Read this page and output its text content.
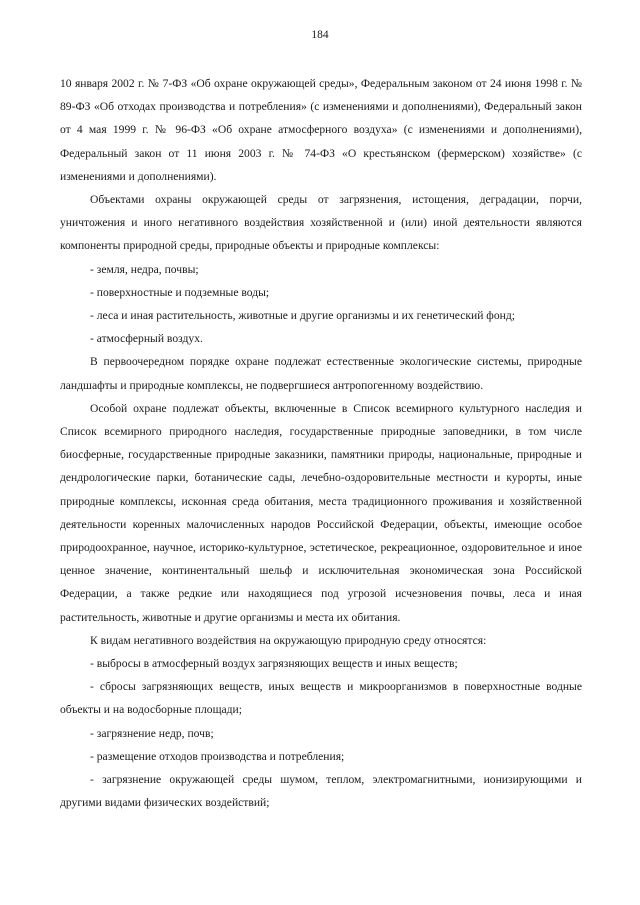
184

10 января 2002 г. № 7-ФЗ «Об охране окружающей среды», Федеральным законом от 24 июня 1998 г. № 89-ФЗ «Об отходах производства и потребления» (с изменениями и дополнениями), Федеральный закон от 4 мая 1999 г. № 96-ФЗ «Об охране атмосферного воздуха» (с изменениями и дополнениями), Федеральный закон от 11 июня 2003 г. № 74-ФЗ «О крестьянском (фермерском) хозяйстве» (с изменениями и дополнениями).

Объектами охраны окружающей среды от загрязнения, истощения, деградации, порчи, уничтожения и иного негативного воздействия хозяйственной и (или) иной деятельности являются компоненты природной среды, природные объекты и природные комплексы:

- земля, недра, почвы;

- поверхностные и подземные воды;

- леса и иная растительность, животные и другие организмы и их генетический фонд;

- атмосферный воздух.

В первоочередном порядке охране подлежат естественные экологические системы, природные ландшафты и природные комплексы, не подвергшиеся антропогенному воздействию.

Особой охране подлежат объекты, включенные в Список всемирного культурного наследия и Список всемирного природного наследия, государственные природные заповедники, в том числе биосферные, государственные природные заказники, памятники природы, национальные, природные и дендрологические парки, ботанические сады, лечебно-оздоровительные местности и курорты, иные природные комплексы, исконная среда обитания, места традиционного проживания и хозяйственной деятельности коренных малочисленных народов Российской Федерации, объекты, имеющие особое природоохранное, научное, историко-культурное, эстетическое, рекреационное, оздоровительное и иное ценное значение, континентальный шельф и исключительная экономическая зона Российской Федерации, а также редкие или находящиеся под угрозой исчезновения почвы, леса и иная растительность, животные и другие организмы и места их обитания.

К видам негативного воздействия на окружающую природную среду относятся:

- выбросы в атмосферный воздух загрязняющих веществ и иных веществ;

- сбросы загрязняющих веществ, иных веществ и микроорганизмов в поверхностные водные объекты и на водосборные площади;

- загрязнение недр, почв;

- размещение отходов производства и потребления;

- загрязнение окружающей среды шумом, теплом, электромагнитными, ионизирующими и другими видами физических воздействий;
